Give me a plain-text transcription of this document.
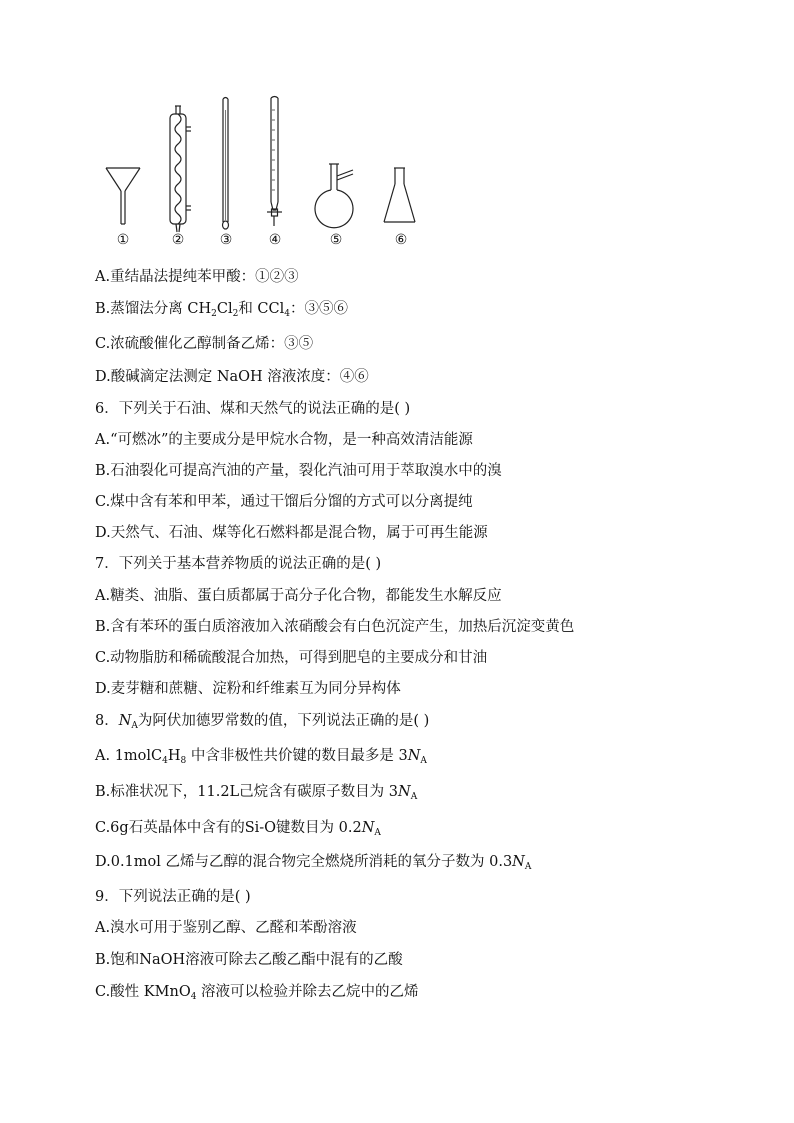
①	②	③	④	⑤	⑥
A.重结晶法提纯苯甲酸：①②③
B.蒸馏法分离 $CH_2Cl_2$和 CCl$_4$：③⑤⑥
C.浓硫酸催化乙醇制备乙烯：③⑤
D.酸碱滴定法测定 NaOH 溶液浓度：④⑥
6．下列关于石油、煤和天然气的说法正确的是( )
A.“可燃冰”的主要成分是甲烷水合物，是一种高效清洁能源
B.石油裂化可提高汽油的产量，裂化汽油可用于萃取溴水中的溴
C.煤中含有苯和甲苯，通过干馏后分馏的方式可以分离提纯
D.天然气、石油、煤等化石燃料都是混合物，属于可再生能源
7．下列关于基本营养物质的说法正确的是( )
A.糖类、油脂、蛋白质都属于高分子化合物，都能发生水解反应
B.含有苯环的蛋白质溶液加入浓硝酸会有白色沉淀产生，加热后沉淀变黄色
C.动物脂肪和稀硫酸混合加热，可得到肥皂的主要成分和甘油
D.麦芽糖和蔗糖、淀粉和纤维素互为同分异构体
8．$N_A$为阿伏加德罗常数的值，下列说法正确的是( )
A. $1molC_4H_8$ 中含非极性共价键的数目最多是 $3N_A$
B.标准状况下，11.2L己烷含有碳原子数目为 $3N_A$
C.6g石英晶体中含有的Si-O键数目为 $0.2N_A$
D.0.1mol 乙烯与乙醇的混合物完全燃烧所消耗的氧分子数为 $0.3N_A$
9．下列说法正确的是( )
A.溴水可用于鉴别乙醇、乙醛和苯酚溶液
B.饱和NaOH溶液可除去乙酸乙酯中混有的乙酸
C.酸性 KMnO$_4$ 溶液可以检验并除去乙烷中的乙烯
